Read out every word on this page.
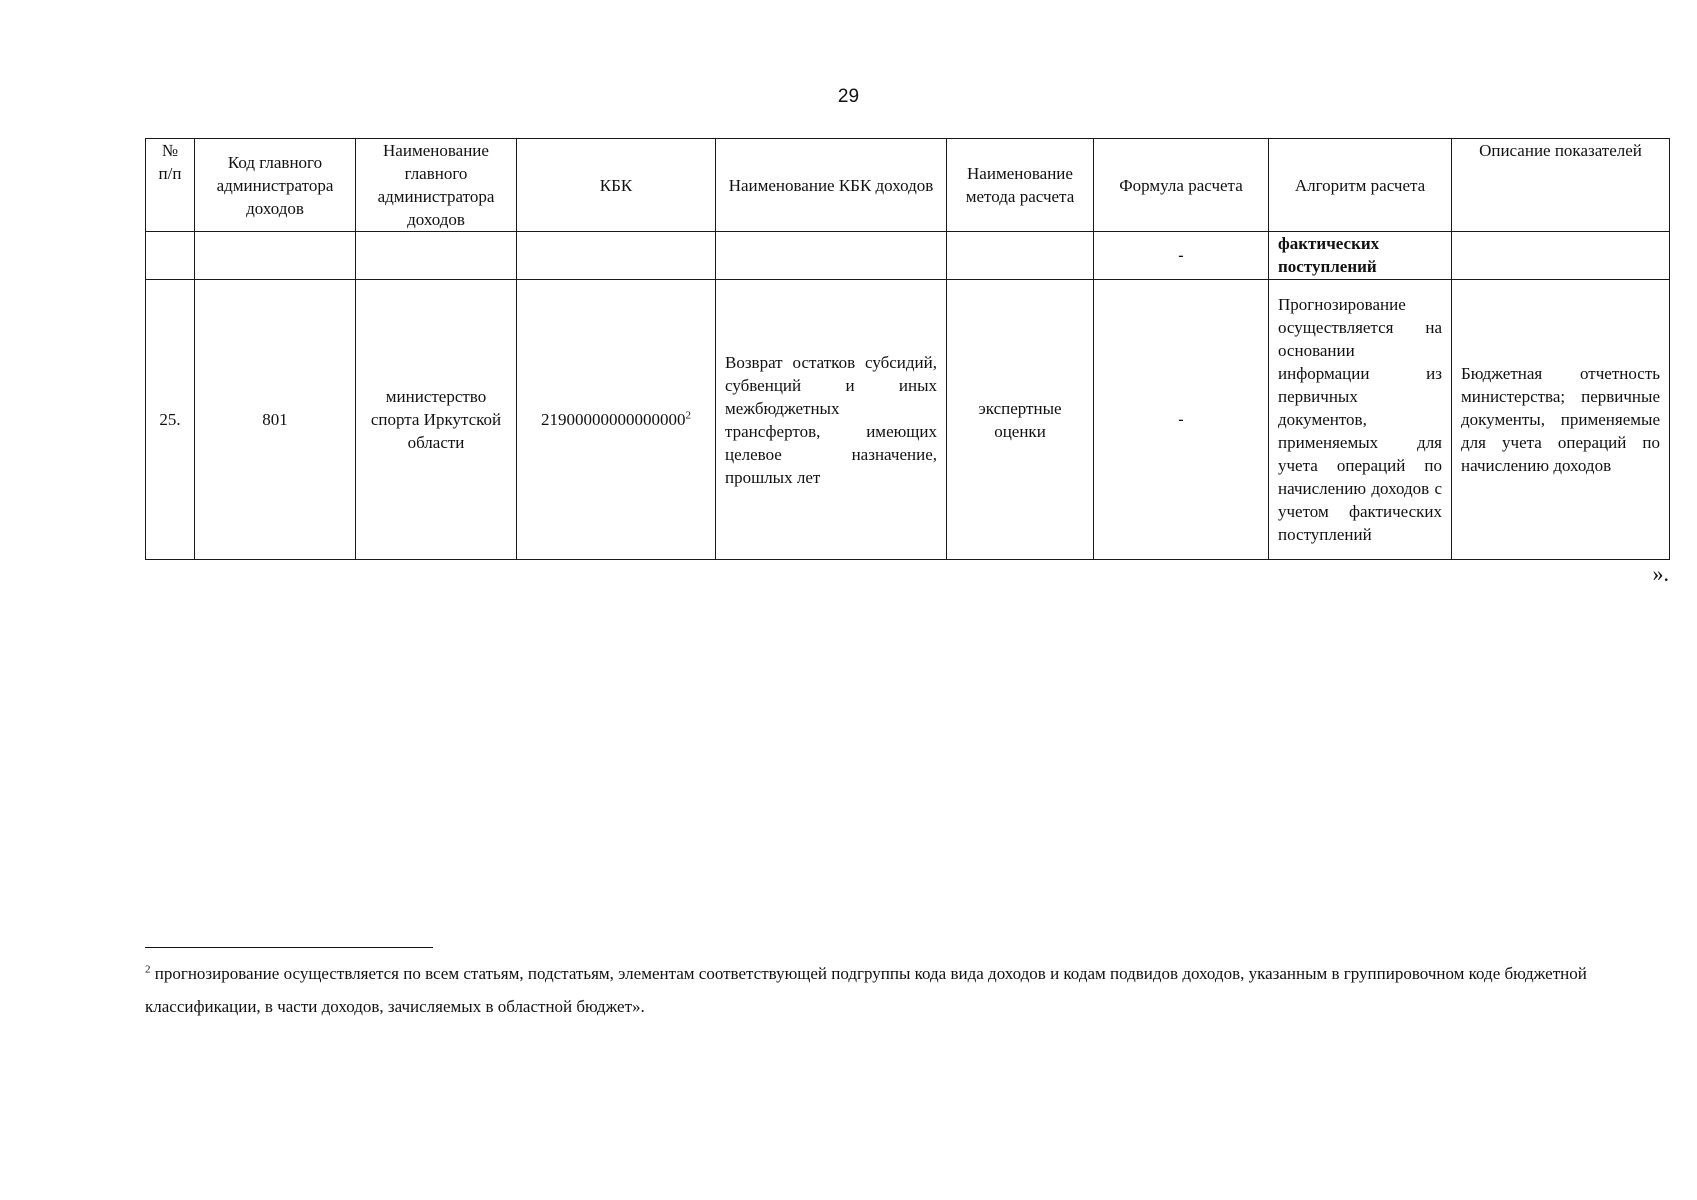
29
№ п/п	Код главного администратора доходов	Наименование главного администратора доходов	КБК	Наименование КБК доходов	Наименование метода расчета	Формула расчета	Алгоритм расчета	Описание показателей
						-	фактических поступлений	
25.	801	министерство спорта Иркутской области	21900000000000000$^2$	Возврат остатков субсидий, субвенций и иных межбюджетных трансфертов, имеющих целевое назначение, прошлых лет	экспертные оценки	-	Прогнозирование осуществляется на основании информации из первичных документов, применяемых для учета операций по начислению доходов с учетом фактических поступлений	Бюджетная отчетность министерства; первичные документы, применяемые для учета операций по начислению доходов
».
$^2$ прогнозирование осуществляется по всем статьям, подстатьям, элементам соответствующей подгруппы кода вида доходов и кодам подвидов доходов, указанным в группировочном коде бюджетной классификации, в части доходов, зачисляемых в областной бюджет».
